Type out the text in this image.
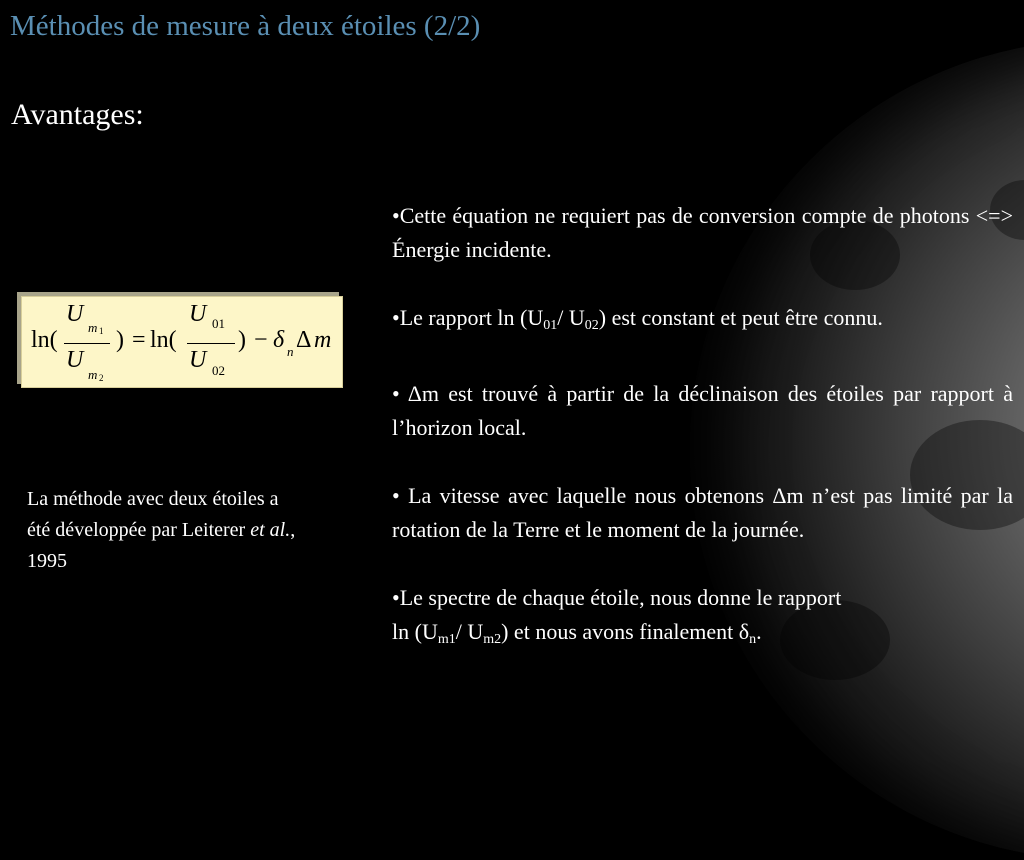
Méthodes de mesure à deux étoiles (2/2)
Avantages:
ln(
U
m 1
U
m 2
) = ln(
U 01
U 02
) − δ n Δ m
La méthode avec deux étoiles a été développée par Leiterer et al., 1995

•Cette équation ne requiert pas de conversion compte de photons <=> Énergie incidente.

•Le rapport $\ln (U_{01}/$ $U_{02}$) est constant et peut être connu.

• Δm est trouvé à partir de la déclinaison des étoiles par rapport à l’horizon local.

• La vitesse avec laquelle nous obtenons Δm n’est pas limité par la rotation de la Terre et le moment de la journée.

•Le spectre de chaque étoile, nous donne le rapport
$\ln (U_{m1}/$ $U_{m2}$) et nous avons finalement $\delta_n$.
